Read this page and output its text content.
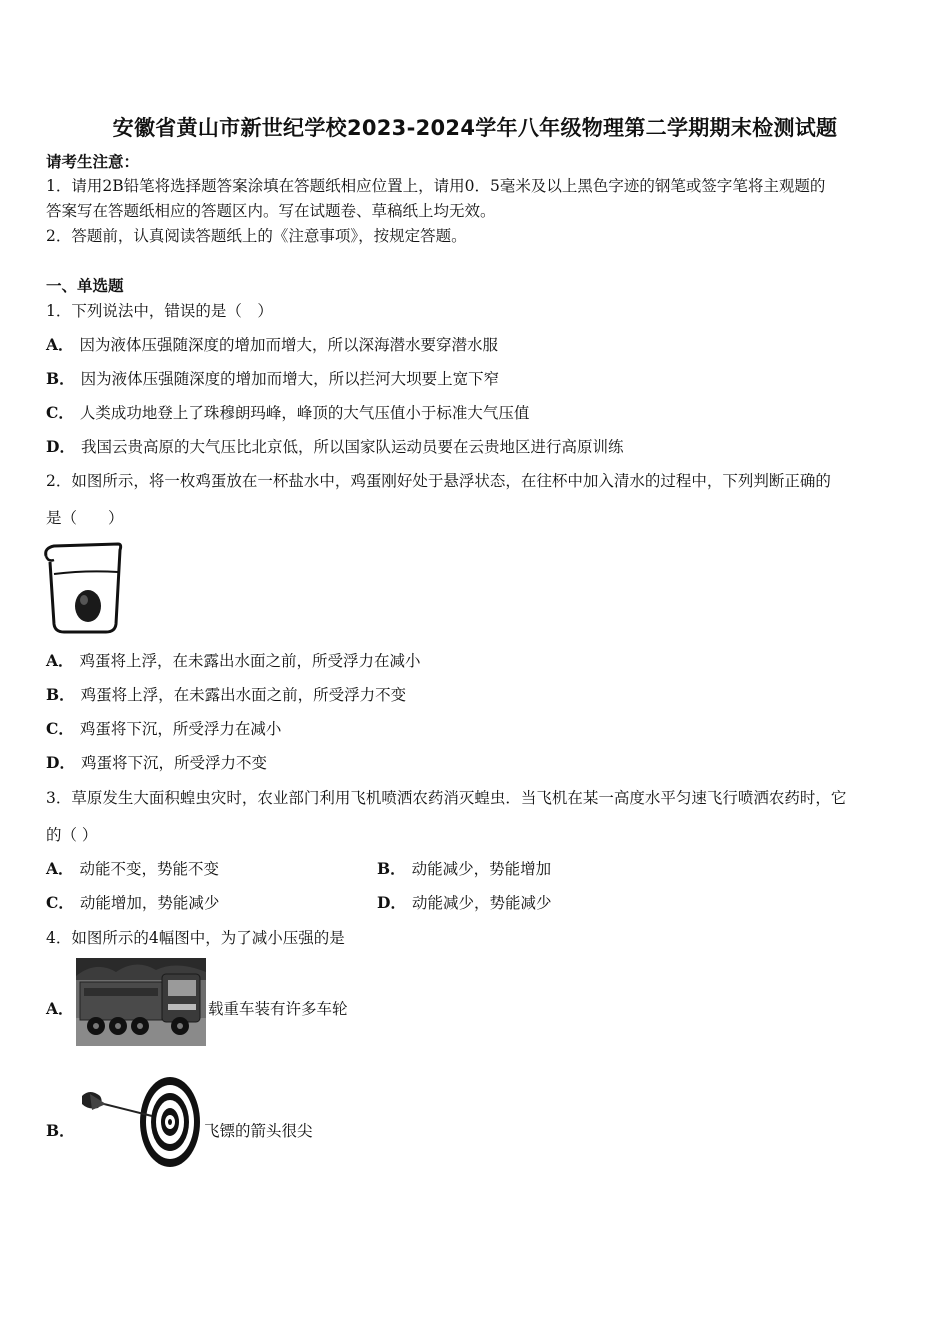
安徽省黄山市新世纪学校2023-2024学年八年级物理第二学期期末检测试题
请考生注意：
1．请用2B铅笔将选择题答案涂填在答题纸相应位置上，请用0．5毫米及以上黑色字迹的钢笔或签字笔将主观题的
答案写在答题纸相应的答题区内。写在试题卷、草稿纸上均无效。
2．答题前，认真阅读答题纸上的《注意事项》，按规定答题。
一、单选题
1．下列说法中，错误的是（　）
A． 因为液体压强随深度的增加而增大，所以深海潜水要穿潜水服
B． 因为液体压强随深度的增加而增大，所以拦河大坝要上宽下窄
C． 人类成功地登上了珠穆朗玛峰，峰顶的大气压值小于标准大气压值
D． 我国云贵高原的大气压比北京低，所以国家队运动员要在云贵地区进行高原训练
2．如图所示，将一枚鸡蛋放在一杯盐水中，鸡蛋刚好处于悬浮状态，在往杯中加入清水的过程中，下列判断正确的
是（　　）
A． 鸡蛋将上浮，在未露出水面之前，所受浮力在减小
B． 鸡蛋将上浮，在未露出水面之前，所受浮力不变
C． 鸡蛋将下沉，所受浮力在减小
D． 鸡蛋将下沉，所受浮力不变
3．草原发生大面积蝗虫灾时，农业部门利用飞机喷洒农药消灭蝗虫．当飞机在某一高度水平匀速飞行喷洒农药时，它
的（ ）
A． 动能不变，势能不变	B． 动能减少，势能增加
C． 动能增加，势能减少	D． 动能减少，势能减少
4．如图所示的4幅图中，为了减小压强的是
A．	载重车装有许多车轮
B．	飞镖的箭头很尖
